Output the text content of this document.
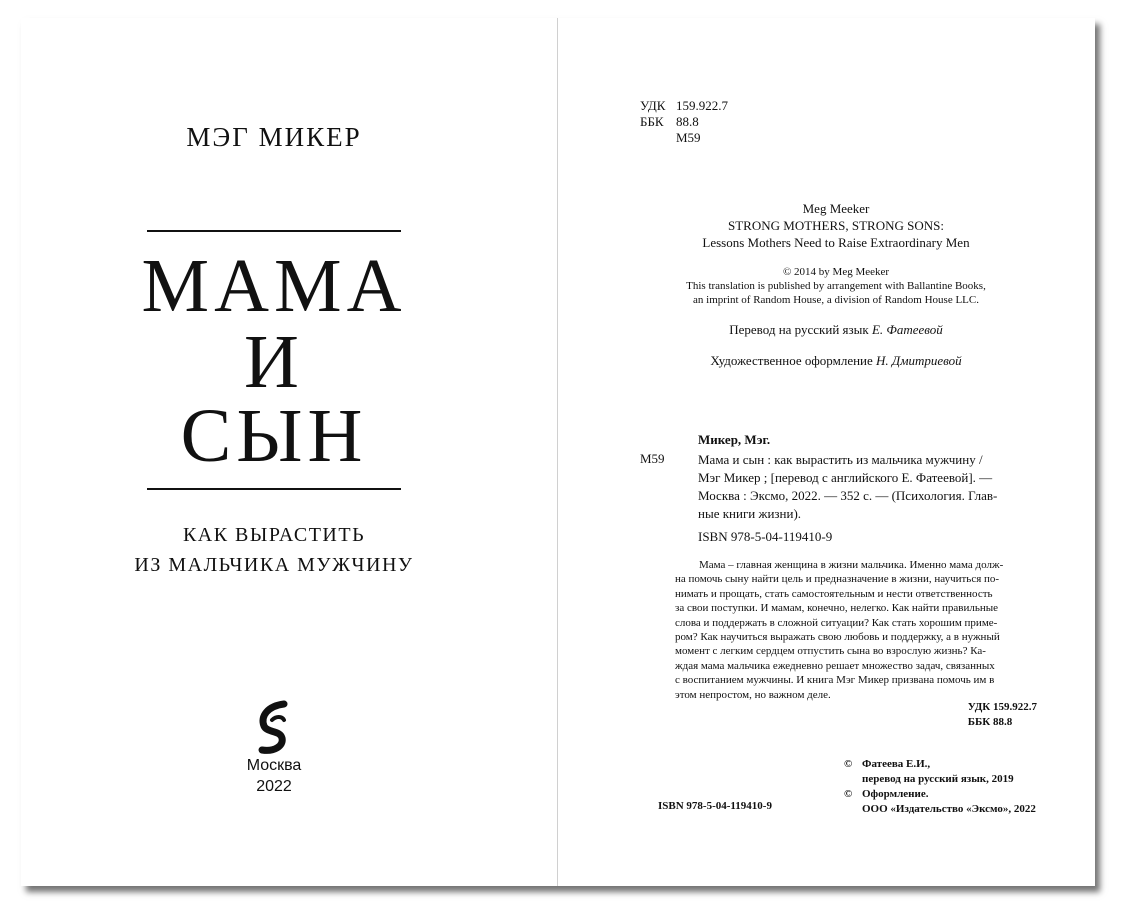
МЭГ МИКЕР
МАМА
И
СЫН
КАК ВЫРАСТИТЬ
ИЗ МАЛЬЧИКА МУЖЧИНУ
Москва
2022
УДК 159.922.7
ББК 88.8
М59
Meg Meeker
STRONG MOTHERS, STRONG SONS:
Lessons Mothers Need to Raise Extraordinary Men
© 2014 by Meg Meeker
This translation is published by arrangement with Ballantine Books,
an imprint of Random House, a division of Random House LLC.
Перевод на русский язык Е. Фатеевой
Художественное оформление Н. Дмитриевой
Микер, Мэг.
М59	Мама и сын : как вырастить из мальчика мужчину /
Мэг Микер ; [перевод с английского Е. Фатеевой]. —
Москва : Эксмо, 2022. — 352 с. — (Психология. Глав-
ные книги жизни).
ISBN 978-5-04-119410-9
Мама – главная женщина в жизни мальчика. Именно мама долж-
на помочь сыну найти цель и предназначение в жизни, научиться по-
нимать и прощать, стать самостоятельным и нести ответственность
за свои поступки. И мамам, конечно, нелегко. Как найти правильные
слова и поддержать в сложной ситуации? Как стать хорошим приме-
ром? Как научиться выражать свою любовь и поддержку, а в нужный
момент с легким сердцем отпустить сына во взрослую жизнь? Ка-
ждая мама мальчика ежедневно решает множество задач, связанных
с воспитанием мужчины. И книга Мэг Микер призвана помочь им в
этом непростом, но важном деле.
УДК 159.922.7
ББК 88.8
© Фатеева Е.И.,
перевод на русский язык, 2019
© Оформление.
ООО «Издательство «Эксмо», 2022
ISBN 978-5-04-119410-9
